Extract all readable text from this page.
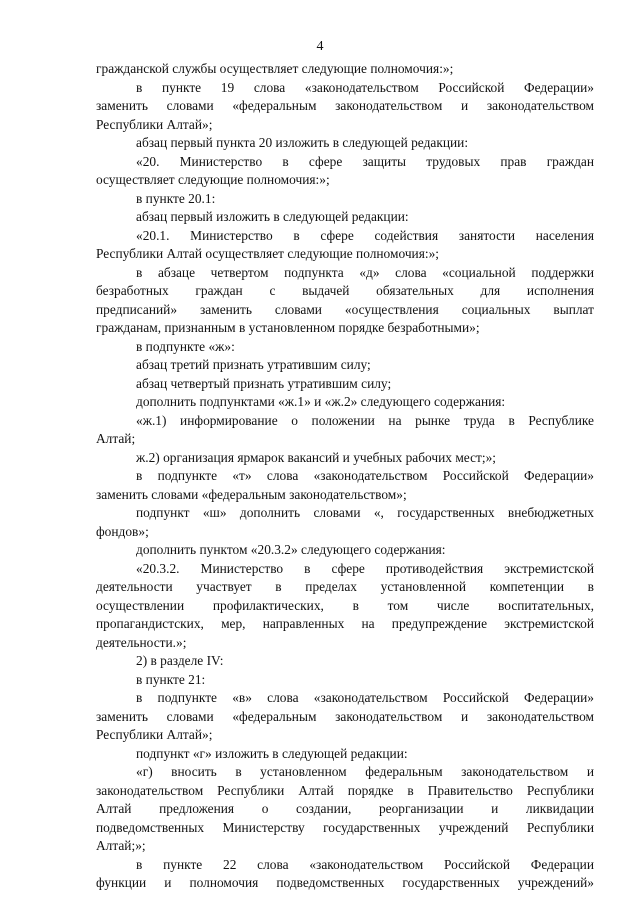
4
гражданской службы осуществляет следующие полномочия:»;
в пункте 19 слова «законодательством Российской Федерации»
заменить словами «федеральным законодательством и законодательством
Республики Алтай»;
абзац первый пункта 20 изложить в следующей редакции:
«20. Министерство в сфере защиты трудовых прав граждан
осуществляет следующие полномочия:»;
в пункте 20.1:
абзац первый изложить в следующей редакции:
«20.1. Министерство в сфере содействия занятости населения
Республики Алтай осуществляет следующие полномочия:»;
в абзаце четвертом подпункта «д» слова «социальной поддержки
безработных граждан с выдачей обязательных для исполнения
предписаний» заменить словами «осуществления социальных выплат
гражданам, признанным в установленном порядке безработными»;
в подпункте «ж»:
абзац третий признать утратившим силу;
абзац четвертый признать утратившим силу;
дополнить подпунктами «ж.1» и «ж.2» следующего содержания:
«ж.1) информирование о положении на рынке труда в Республике
Алтай;
ж.2) организация ярмарок вакансий и учебных рабочих мест;»;
в подпункте «т» слова «законодательством Российской Федерации»
заменить словами «федеральным законодательством»;
подпункт «ш» дополнить словами «, государственных внебюджетных
фондов»;
дополнить пунктом «20.3.2» следующего содержания:
«20.3.2. Министерство в сфере противодействия экстремистской
деятельности участвует в пределах установленной компетенции в
осуществлении профилактических, в том числе воспитательных,
пропагандистских, мер, направленных на предупреждение экстремистской
деятельности.»;
2) в разделе IV:
в пункте 21:
в подпункте «в» слова «законодательством Российской Федерации»
заменить словами «федеральным законодательством и законодательством
Республики Алтай»;
подпункт «г» изложить в следующей редакции:
«г) вносить в установленном федеральным законодательством и
законодательством Республики Алтай порядке в Правительство Республики
Алтай предложения о создании, реорганизации и ликвидации
подведомственных Министерству государственных учреждений Республики
Алтай;»;
в пункте 22 слова «законодательством Российской Федерации
функции и полномочия подведомственных государственных учреждений»
